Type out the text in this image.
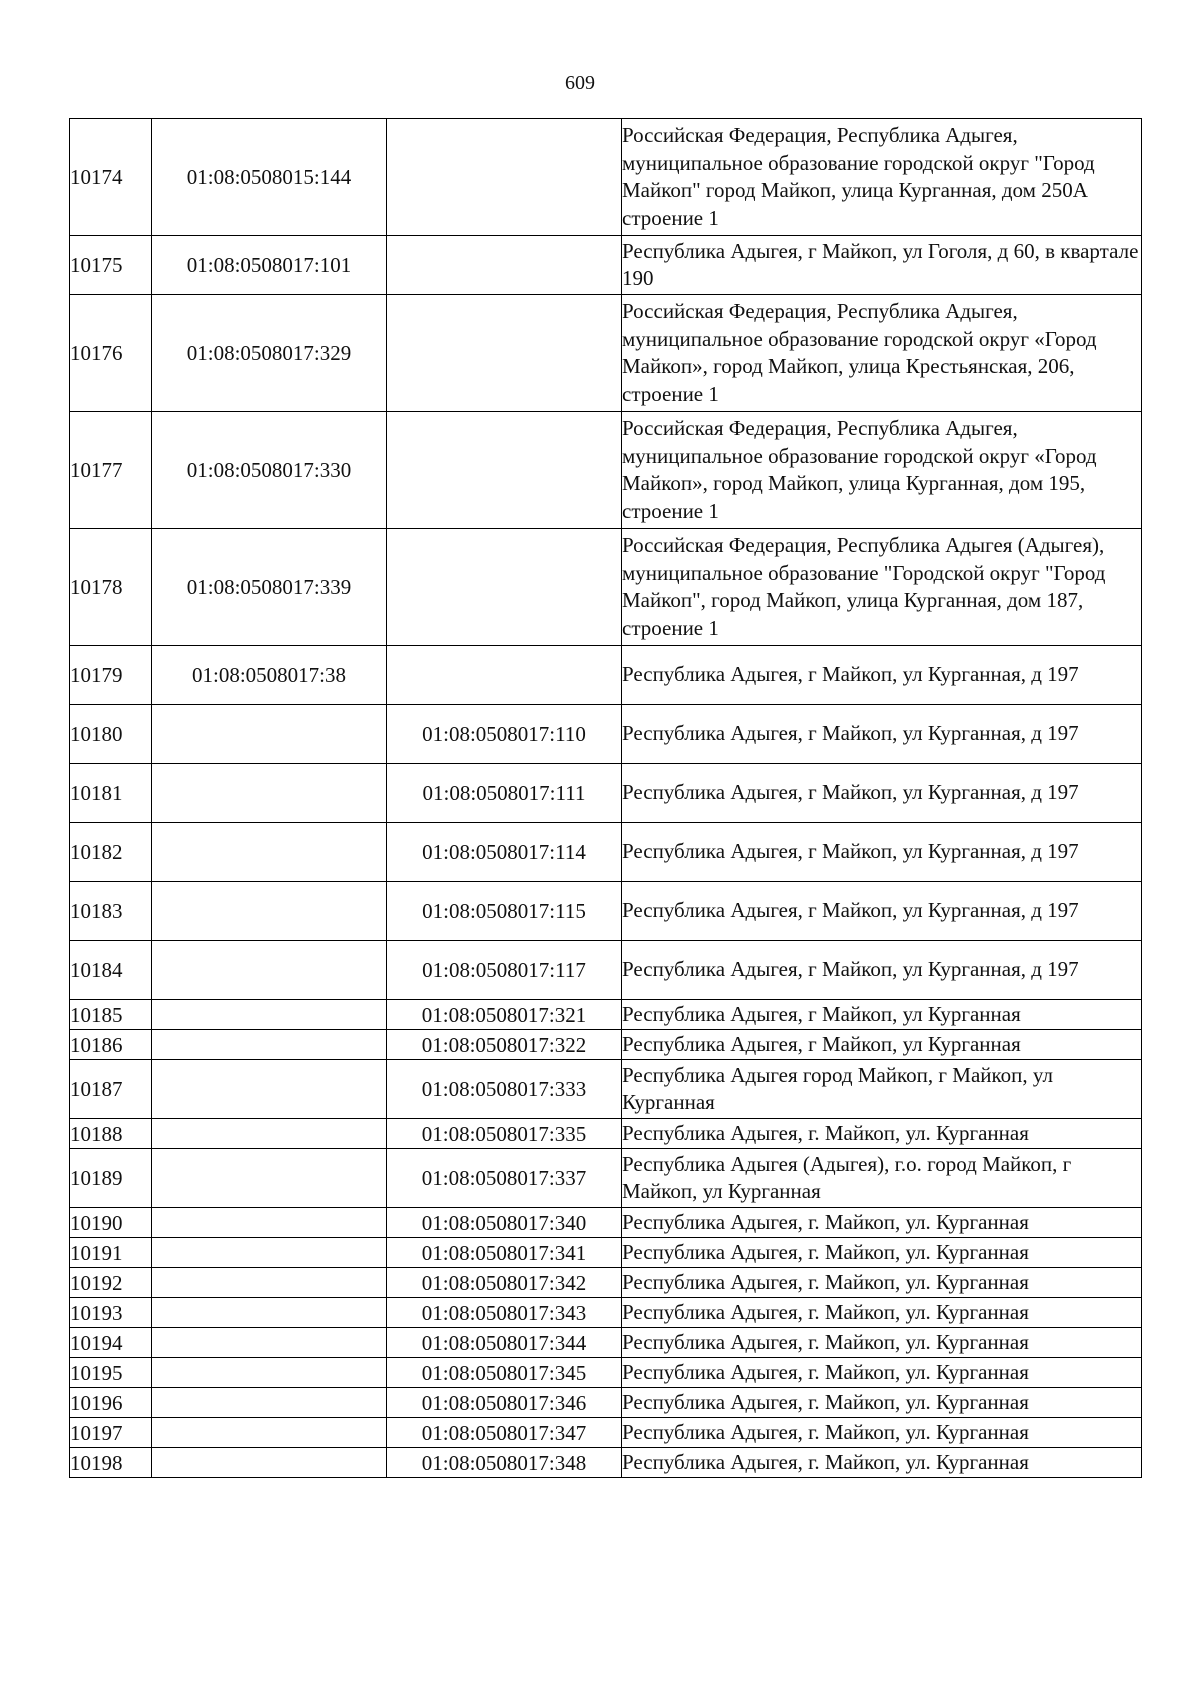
609
10174	01:08:0508015:144		Российская Федерация, Республика Адыгея, муниципальное образование городской округ "Город Майкоп" город Майкоп, улица Курганная, дом 250А строение 1
10175	01:08:0508017:101		Республика Адыгея, г Майкоп, ул Гоголя, д 60, в квартале 190
10176	01:08:0508017:329		Российская Федерация, Республика Адыгея, муниципальное образование городской округ «Город Майкоп», город Майкоп, улица Крестьянская, 206, строение 1
10177	01:08:0508017:330		Российская Федерация, Республика Адыгея, муниципальное образование городской округ «Город Майкоп», город Майкоп, улица Курганная, дом 195, строение 1
10178	01:08:0508017:339		Российская Федерация, Республика Адыгея (Адыгея), муниципальное образование "Городской округ "Город Майкоп", город Майкоп, улица Курганная, дом 187, строение 1
10179	01:08:0508017:38		Республика Адыгея, г Майкоп, ул Курганная, д 197
10180		01:08:0508017:110	Республика Адыгея, г Майкоп, ул Курганная, д 197
10181		01:08:0508017:111	Республика Адыгея, г Майкоп, ул Курганная, д 197
10182		01:08:0508017:114	Республика Адыгея, г Майкоп, ул Курганная, д 197
10183		01:08:0508017:115	Республика Адыгея, г Майкоп, ул Курганная, д 197
10184		01:08:0508017:117	Республика Адыгея, г Майкоп, ул Курганная, д 197
10185		01:08:0508017:321	Республика Адыгея, г Майкоп, ул Курганная
10186		01:08:0508017:322	Республика Адыгея, г Майкоп, ул Курганная
10187		01:08:0508017:333	Республика Адыгея город Майкоп, г Майкоп, ул Курганная
10188		01:08:0508017:335	Республика Адыгея, г. Майкоп, ул. Курганная
10189		01:08:0508017:337	Республика Адыгея (Адыгея), г.о. город Майкоп, г Майкоп, ул Курганная
10190		01:08:0508017:340	Республика Адыгея, г. Майкоп, ул. Курганная
10191		01:08:0508017:341	Республика Адыгея, г. Майкоп, ул. Курганная
10192		01:08:0508017:342	Республика Адыгея, г. Майкоп, ул. Курганная
10193		01:08:0508017:343	Республика Адыгея, г. Майкоп, ул. Курганная
10194		01:08:0508017:344	Республика Адыгея, г. Майкоп, ул. Курганная
10195		01:08:0508017:345	Республика Адыгея, г. Майкоп, ул. Курганная
10196		01:08:0508017:346	Республика Адыгея, г. Майкоп, ул. Курганная
10197		01:08:0508017:347	Республика Адыгея, г. Майкоп, ул. Курганная
10198		01:08:0508017:348	Республика Адыгея, г. Майкоп, ул. Курганная
